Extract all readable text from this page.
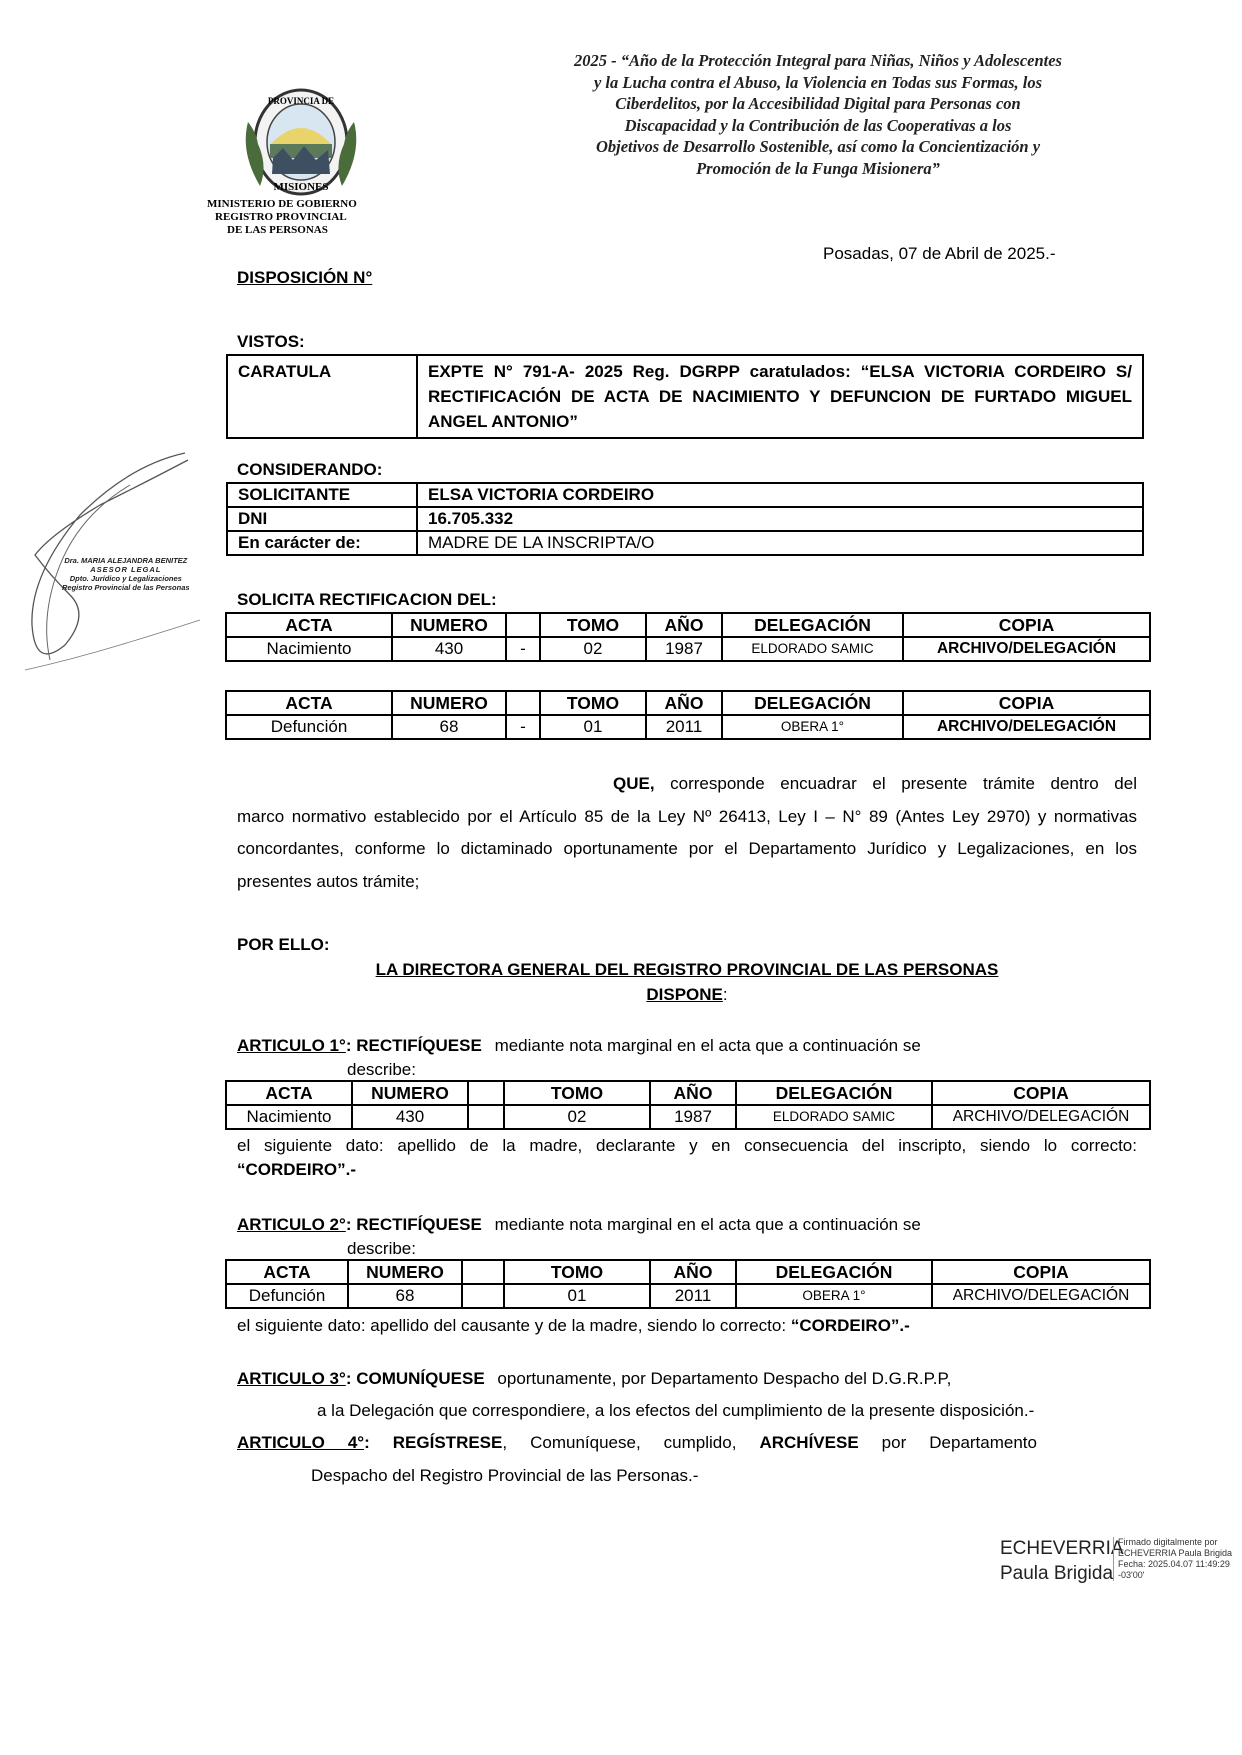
PROVINCIA DE
MISIONES
MINISTERIO DE GOBIERNO
REGISTRO PROVINCIAL
DE LAS PERSONAS
2025 - “Año de la Protección Integral para Niñas, Niños y Adolescentes
y la Lucha contra el Abuso, la Violencia en Todas sus Formas, los
Ciberdelitos, por la Accesibilidad Digital para Personas con
Discapacidad y la Contribución de las Cooperativas a los
Objetivos de Desarrollo Sostenible, así como la Concientización y
Promoción de la Funga Misionera”
Posadas, 07 de Abril de 2025.-
DISPOSICIÓN N°
VISTOS:
CARATULA	EXPTE N° 791-A- 2025 Reg. DGRPP caratulados: “ELSA VICTORIA CORDEIRO S/ RECTIFICACIÓN DE ACTA DE NACIMIENTO Y DEFUNCION DE FURTADO MIGUEL ANGEL ANTONIO”
CONSIDERANDO:
SOLICITANTE	ELSA VICTORIA CORDEIRO
DNI	16.705.332
En carácter de:	MADRE DE LA INSCRIPTA/O
SOLICITA RECTIFICACION DEL:
ACTA	NUMERO		TOMO	AÑO	DELEGACIÓN	COPIA
Nacimiento	430	-	02	1987	ELDORADO SAMIC	ARCHIVO/DELEGACIÓN
ACTA	NUMERO		TOMO	AÑO	DELEGACIÓN	COPIA
Defunción	68	-	01	2011	OBERA 1°	ARCHIVO/DELEGACIÓN
QUE, corresponde encuadrar el presente trámite dentro del
marco normativo establecido por el Artículo 85 de la Ley Nº 26413, Ley I – N° 89 (Antes Ley 2970) y normativas concordantes, conforme lo dictaminado oportunamente por el Departamento Jurídico y Legalizaciones, en los presentes autos trámite;
POR ELLO:
LA DIRECTORA GENERAL DEL REGISTRO PROVINCIAL DE LAS PERSONAS
DISPONE:
ARTICULO 1°: RECTIFÍQUESE mediante nota marginal en el acta que a continuación se
describe:
ACTA	NUMERO		TOMO	AÑO	DELEGACIÓN	COPIA
Nacimiento	430		02	1987	ELDORADO SAMIC	ARCHIVO/DELEGACIÓN
el siguiente dato: apellido de la madre, declarante y en consecuencia del inscripto, siendo lo correcto:
“CORDEIRO”.-
ARTICULO 2°: RECTIFÍQUESE mediante nota marginal en el acta que a continuación se
describe:
ACTA	NUMERO		TOMO	AÑO	DELEGACIÓN	COPIA
Defunción	68		01	2011	OBERA 1°	ARCHIVO/DELEGACIÓN
el siguiente dato: apellido del causante y de la madre, siendo lo correcto: “CORDEIRO”.-
ARTICULO 3°: COMUNÍQUESE oportunamente, por Departamento Despacho del D.G.R.P.P,
a la Delegación que correspondiere, a los efectos del cumplimiento de la presente disposición.-
ARTICULO 4°: REGÍSTRESE, Comuníquese, cumplido, ARCHÍVESE por Departamento
Despacho del Registro Provincial de las Personas.-
Dra. MARIA ALEJANDRA BENITEZ
ASESOR LEGAL
Dpto. Jurídico y Legalizaciones
Registro Provincial de las Personas
ECHEVERRIA
Paula Brigida
Firmado digitalmente por
ECHEVERRIA Paula Brigida
Fecha: 2025.04.07 11:49:29
-03'00'
